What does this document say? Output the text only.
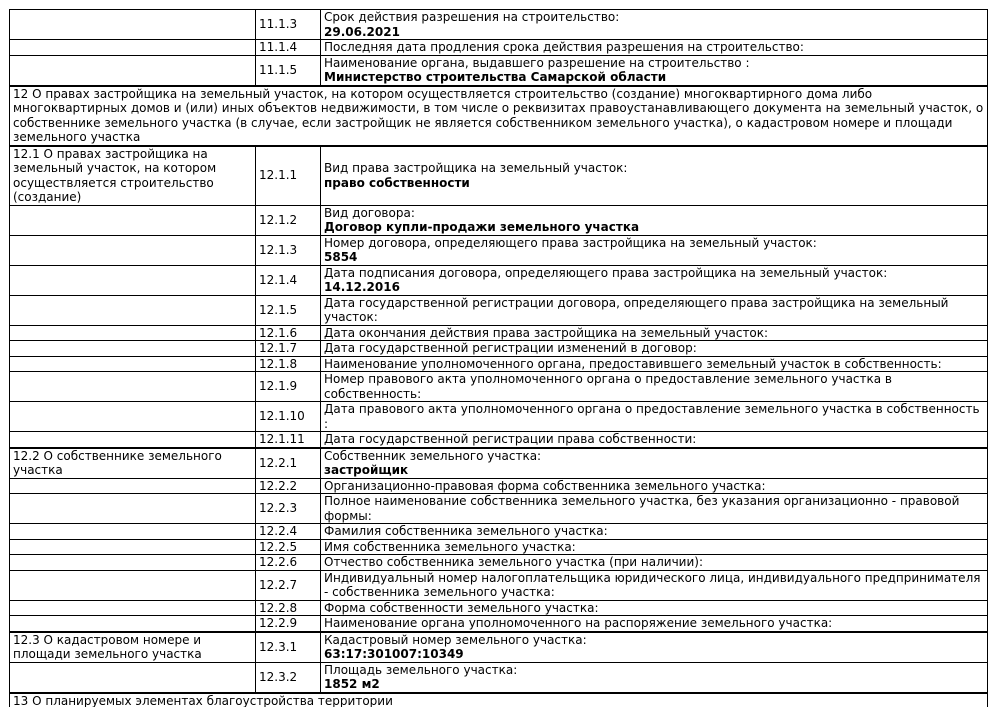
	11.1.3	Срок действия разрешения на строительство:
29.06.2021

	11.1.4	Последняя дата продления срока действия разрешения на строительство:

	11.1.5	Наименование органа, выдавшего разрешение на строительство :
Министерство строительства Самарской области

12 О правах застройщика на земельный участок, на котором осуществляется строительство (создание) многоквартирного дома либо многоквартирных домов и (или) иных объектов недвижимости, в том числе о реквизитах правоустанавливающего документа на земельный участок, о собственнике земельного участка (в случае, если застройщик не является собственником земельного участка), о кадастровом номере и площади земельного участка		
12.1 О правах застройщика на земельный участок, на котором осуществляется строительство (создание)	12.1.1	Вид права застройщика на земельный участок:
право собственности

	12.1.2	Вид договора:
Договор купли-продажи земельного участка

	12.1.3	Номер договора, определяющего права застройщика на земельный участок:
5854

	12.1.4	Дата подписания договора, определяющего права застройщика на земельный участок:
14.12.2016

	12.1.5	Дата государственной регистрации договора, определяющего права застройщика на земельный участок:

	12.1.6	Дата окончания действия права застройщика на земельный участок:

	12.1.7	Дата государственной регистрации изменений в договор:

	12.1.8	Наименование уполномоченного органа, предоставившего земельный участок в собственность:

	12.1.9	Номер правового акта уполномоченного органа о предоставление земельного участка в собственность:

	12.1.10	Дата правового акта уполномоченного органа о предоставление земельного участка в собственность :

	12.1.11	Дата государственной регистрации права собственности:

12.2 О собственнике земельного участка	12.2.1	Собственник земельного участка:
застройщик

	12.2.2	Организационно-правовая форма собственника земельного участка:

	12.2.3	Полное наименование собственника земельного участка, без указания организационно - правовой формы:

	12.2.4	Фамилия собственника земельного участка:

	12.2.5	Имя собственника земельного участка:

	12.2.6	Отчество собственника земельного участка (при наличии):

	12.2.7	Индивидуальный номер налогоплательщика юридического лица, индивидуального предпринимателя - собственника земельного участка:

	12.2.8	Форма собственности земельного участка:

	12.2.9	Наименование органа уполномоченного на распоряжение земельного участка:

12.3 О кадастровом номере и площади земельного участка	12.3.1	Кадастровый номер земельного участка:
63:17:301007:10349

	12.3.2	Площадь земельного участка:
1852 м2

13 О планируемых элементах благоустройства территории		
